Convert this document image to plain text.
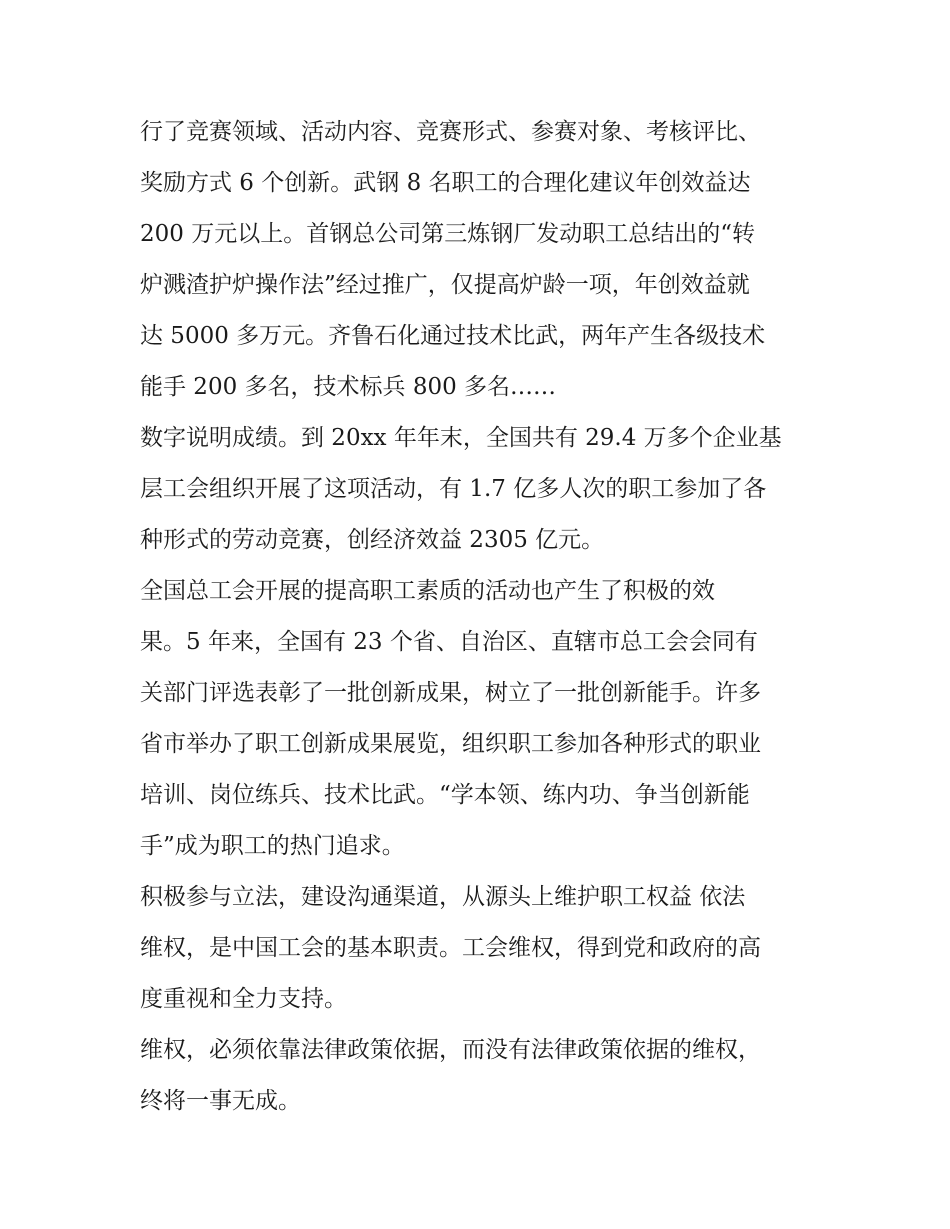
行了竞赛领域、活动内容、竞赛形式、参赛对象、考核评比、
奖励方式 6 个创新。武钢 8 名职工的合理化建议年创效益达
200 万元以上。首钢总公司第三炼钢厂发动职工总结出的“转
炉溅渣护炉操作法”经过推广，仅提高炉龄一项，年创效益就
达 5000 多万元。齐鲁石化通过技术比武，两年产生各级技术
能手 200 多名，技术标兵 800 多名……
数字说明成绩。到 20xx 年年末，全国共有 29.4 万多个企业基
层工会组织开展了这项活动，有 1.7 亿多人次的职工参加了各
种形式的劳动竞赛，创经济效益 2305 亿元。
全国总工会开展的提高职工素质的活动也产生了积极的效
果。5 年来，全国有 23 个省、自治区、直辖市总工会会同有
关部门评选表彰了一批创新成果，树立了一批创新能手。许多
省市举办了职工创新成果展览，组织职工参加各种形式的职业
培训、岗位练兵、技术比武。“学本领、练内功、争当创新能
手”成为职工的热门追求。
积极参与立法，建设沟通渠道，从源头上维护职工权益 依法
维权，是中国工会的基本职责。工会维权，得到党和政府的高
度重视和全力支持。
维权，必须依靠法律政策依据，而没有法律政策依据的维权，
终将一事无成。
